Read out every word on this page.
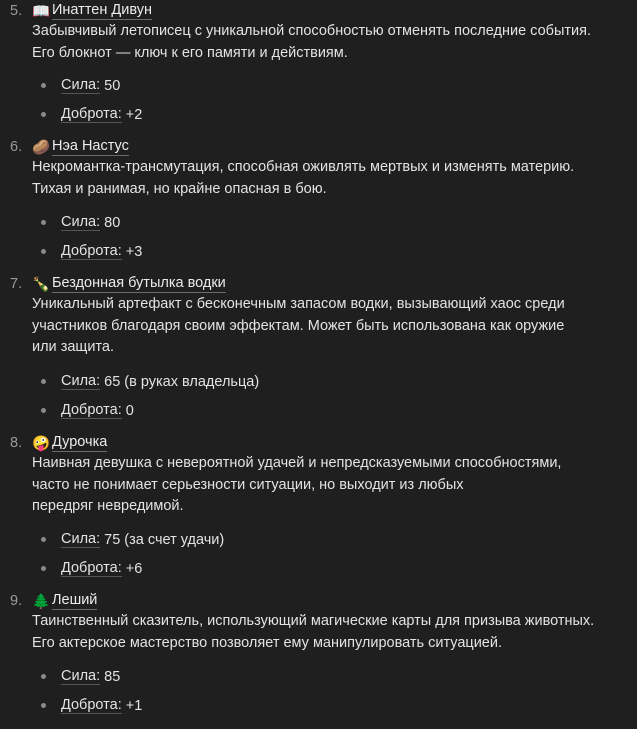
5. 📖 Инаттен Дивун

Забывчивый летописец с уникальной способностью отменять последние события.

Его блокнот — ключ к его памяти и действиям.

Сила: 50
Доброта: +2
6. 🥔 Нэа Настус

Некромантка-трансмутация, способная оживлять мертвых и изменять материю.

Тихая и ранимая, но крайне опасная в бою.

Сила: 80
Доброта: +3
7. 🍾 Бездонная бутылка водки

Уникальный артефакт с бесконечным запасом водки, вызывающий хаос среди

участников благодаря своим эффектам. Может быть использована как оружие

или защита.

Сила: 65 (в руках владельца)
Доброта: 0
8. 🤪 Дурочка

Наивная девушка с невероятной удачей и непредсказуемыми способностями,

часто не понимает серьезности ситуации, но выходит из любых

передряг невредимой.

Сила: 75 (за счет удачи)
Доброта: +6
9. 🌲 Леший

Таинственный сказитель, использующий магические карты для призыва животных.

Его актерское мастерство позволяет ему манипулировать ситуацией.

Сила: 85
Доброта: +1
